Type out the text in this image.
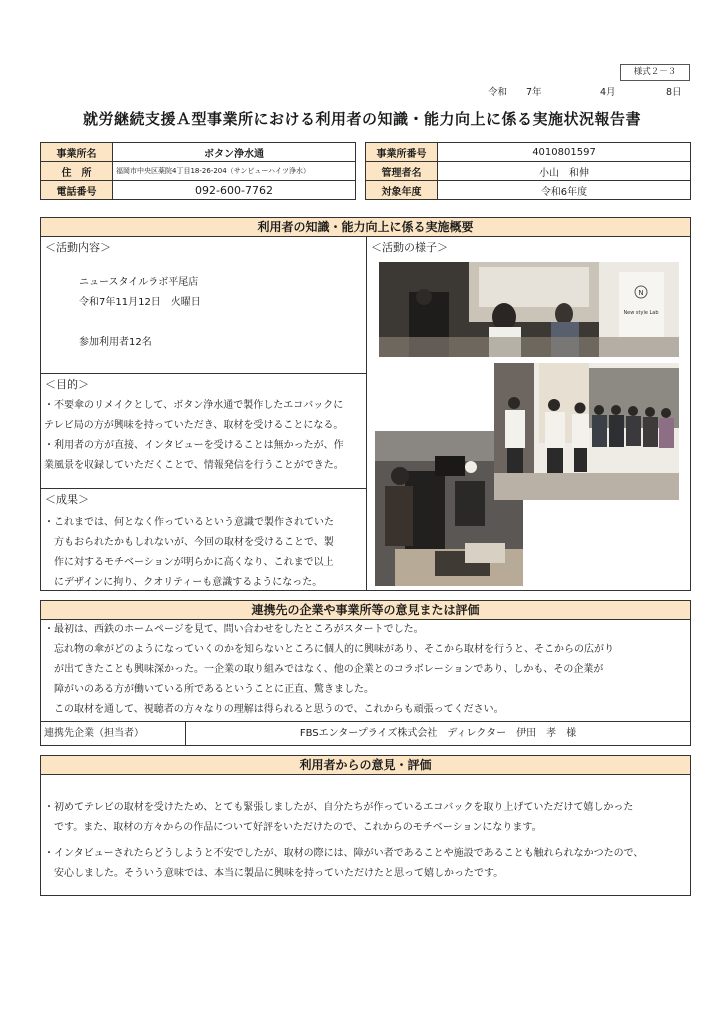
様式２－３
令和 7年	4月	8日
就労継続支援Ａ型事業所における利用者の知識・能力向上に係る実施状況報告書
事業所名	ボタン浄水通
住　所	福岡市中央区薬院4丁目18-26-204（サンビューハイツ浄水）
電話番号	092-600-7762
事業所番号	4010801597
管理者名	小山　和伸
対象年度	令和6年度
利用者の知識・能力向上に係る実施概要
＜活動内容＞
ニュースタイルラボ平尾店
令和7年11月12日　火曜日
参加利用者12名
＜目的＞
・不要傘のリメイクとして、ボタン浄水通で製作したエコバックに
テレビ局の方が興味を持っていただき、取材を受けることになる。
・利用者の方が直接、インタビューを受けることは無かったが、作
業風景を収録していただくことで、情報発信を行うことができた。
＜成果＞
・これまでは、何となく作っているという意識で製作されていた
方もおられたかもしれないが、今回の取材を受けることで、製
作に対するモチベーションが明らかに高くなり、これまで以上
にデザインに拘り、クオリティーも意識するようになった。
＜活動の様子＞
N
New style Lab
連携先の企業や事業所等の意見または評価
・最初は、西鉄のホームページを見て、問い合わせをしたところがスタートでした。
忘れ物の傘がどのようになっていくのかを知らないところに個人的に興味があり、そこから取材を行うと、そこからの広がり
が出てきたことも興味深かった。一企業の取り組みではなく、他の企業とのコラボレーションであり、しかも、その企業が
障がいのある方が働いている所であるということに正直、驚きました。
この取材を通して、視聴者の方々なりの理解は得られると思うので、これからも頑張ってください。
連携先企業（担当者）	FBSエンタープライズ株式会社　ディレクター　伊田　孝　様
利用者からの意見・評価
・初めてテレビの取材を受けたため、とても緊張しましたが、自分たちが作っているエコバックを取り上げていただけて嬉しかった
です。また、取材の方々からの作品について好評をいただけたので、これからのモチベーションになります。
・インタビューされたらどうしようと不安でしたが、取材の際には、障がい者であることや施設であることも触れられなかつたので、
安心しました。そういう意味では、本当に製品に興味を持っていただけたと思って嬉しかったです。
